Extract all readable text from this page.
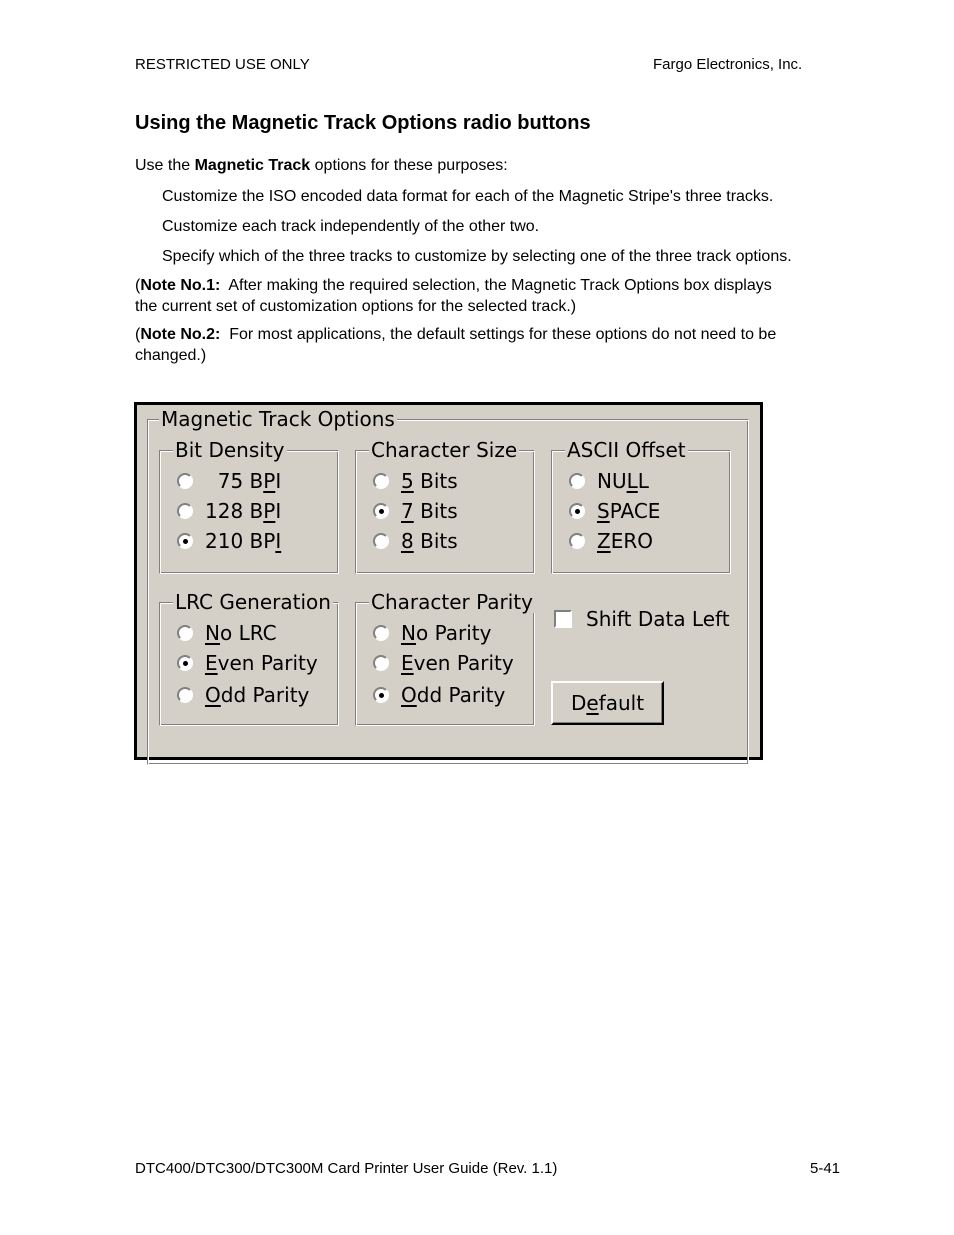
RESTRICTED USE ONLY	Fargo Electronics, Inc.
Using the Magnetic Track Options radio buttons
Use the Magnetic Track options for these purposes:
Customize the ISO encoded data format for each of the Magnetic Stripe's three tracks.
Customize each track independently of the other two.
Specify which of the three tracks to customize by selecting one of the three track options.
(Note No.1:  After making the required selection, the Magnetic Track Options box displays
the current set of customization options for the selected track.)
(Note No.2:  For most applications, the default settings for these options do not need to be
changed.)
Magnetic Track Options
Bit Density
75 B P I
128 B P I
210 BP I
Character Size
5 Bits
7 Bits
8 Bits
ASCII Offset
NU L L
S PACE
Z ERO
LRC Generation
N o LRC
E ven Parity
O dd Parity
Character Parity
N o Parity
E ven Parity
O dd Parity
Shift Data Left
D e fault
DTC400/DTC300/DTC300M Card Printer User Guide (Rev. 1.1)	5-41
